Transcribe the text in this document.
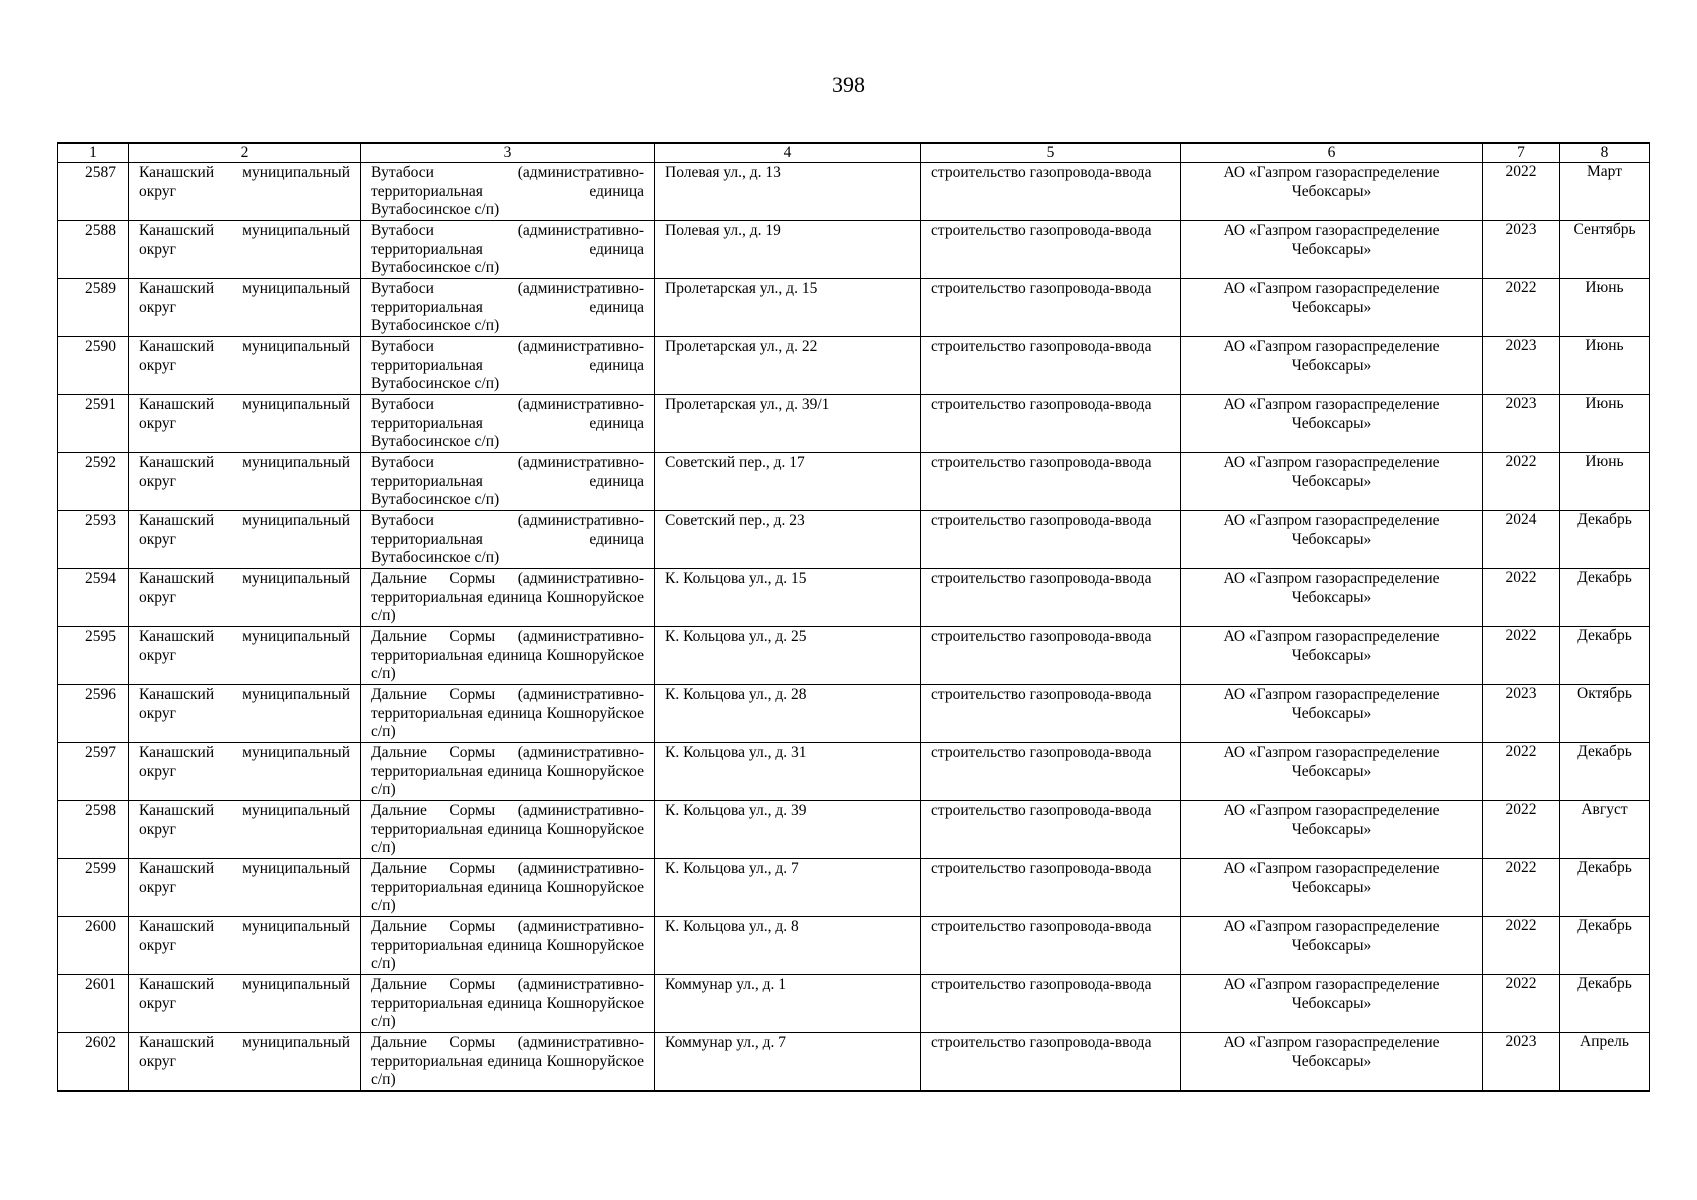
398

1	2	3	4	5	6	7	8
2587	Канашский муниципальный округ	Вутабоси (административно-территориальная единица Вутабосинское с/п)	Полевая ул., д. 13	строительство газопровода-ввода	АО «Газпром газораспределение Чебоксары»	2022	Март
2588	Канашский муниципальный округ	Вутабоси (административно-территориальная единица Вутабосинское с/п)	Полевая ул., д. 19	строительство газопровода-ввода	АО «Газпром газораспределение Чебоксары»	2023	Сентябрь
2589	Канашский муниципальный округ	Вутабоси (административно-территориальная единица Вутабосинское с/п)	Пролетарская ул., д. 15	строительство газопровода-ввода	АО «Газпром газораспределение Чебоксары»	2022	Июнь
2590	Канашский муниципальный округ	Вутабоси (административно-территориальная единица Вутабосинское с/п)	Пролетарская ул., д. 22	строительство газопровода-ввода	АО «Газпром газораспределение Чебоксары»	2023	Июнь
2591	Канашский муниципальный округ	Вутабоси (административно-территориальная единица Вутабосинское с/п)	Пролетарская ул., д. 39/1	строительство газопровода-ввода	АО «Газпром газораспределение Чебоксары»	2023	Июнь
2592	Канашский муниципальный округ	Вутабоси (административно-территориальная единица Вутабосинское с/п)	Советский пер., д. 17	строительство газопровода-ввода	АО «Газпром газораспределение Чебоксары»	2022	Июнь
2593	Канашский муниципальный округ	Вутабоси (административно-территориальная единица Вутабосинское с/п)	Советский пер., д. 23	строительство газопровода-ввода	АО «Газпром газораспределение Чебоксары»	2024	Декабрь
2594	Канашский муниципальный округ	Дальние Сормы (административно-территориальная единица Кошноруйское с/п)	К. Кольцова ул., д. 15	строительство газопровода-ввода	АО «Газпром газораспределение Чебоксары»	2022	Декабрь
2595	Канашский муниципальный округ	Дальние Сормы (административно-территориальная единица Кошноруйское с/п)	К. Кольцова ул., д. 25	строительство газопровода-ввода	АО «Газпром газораспределение Чебоксары»	2022	Декабрь
2596	Канашский муниципальный округ	Дальние Сормы (административно-территориальная единица Кошноруйское с/п)	К. Кольцова ул., д. 28	строительство газопровода-ввода	АО «Газпром газораспределение Чебоксары»	2023	Октябрь
2597	Канашский муниципальный округ	Дальние Сормы (административно-территориальная единица Кошноруйское с/п)	К. Кольцова ул., д. 31	строительство газопровода-ввода	АО «Газпром газораспределение Чебоксары»	2022	Декабрь
2598	Канашский муниципальный округ	Дальние Сормы (административно-территориальная единица Кошноруйское с/п)	К. Кольцова ул., д. 39	строительство газопровода-ввода	АО «Газпром газораспределение Чебоксары»	2022	Август
2599	Канашский муниципальный округ	Дальние Сормы (административно-территориальная единица Кошноруйское с/п)	К. Кольцова ул., д. 7	строительство газопровода-ввода	АО «Газпром газораспределение Чебоксары»	2022	Декабрь
2600	Канашский муниципальный округ	Дальние Сормы (административно-территориальная единица Кошноруйское с/п)	К. Кольцова ул., д. 8	строительство газопровода-ввода	АО «Газпром газораспределение Чебоксары»	2022	Декабрь
2601	Канашский муниципальный округ	Дальние Сормы (административно-территориальная единица Кошноруйское с/п)	Коммунар ул., д. 1	строительство газопровода-ввода	АО «Газпром газораспределение Чебоксары»	2022	Декабрь
2602	Канашский муниципальный округ	Дальние Сормы (административно-территориальная единица Кошноруйское с/п)	Коммунар ул., д. 7	строительство газопровода-ввода	АО «Газпром газораспределение Чебоксары»	2023	Апрель
